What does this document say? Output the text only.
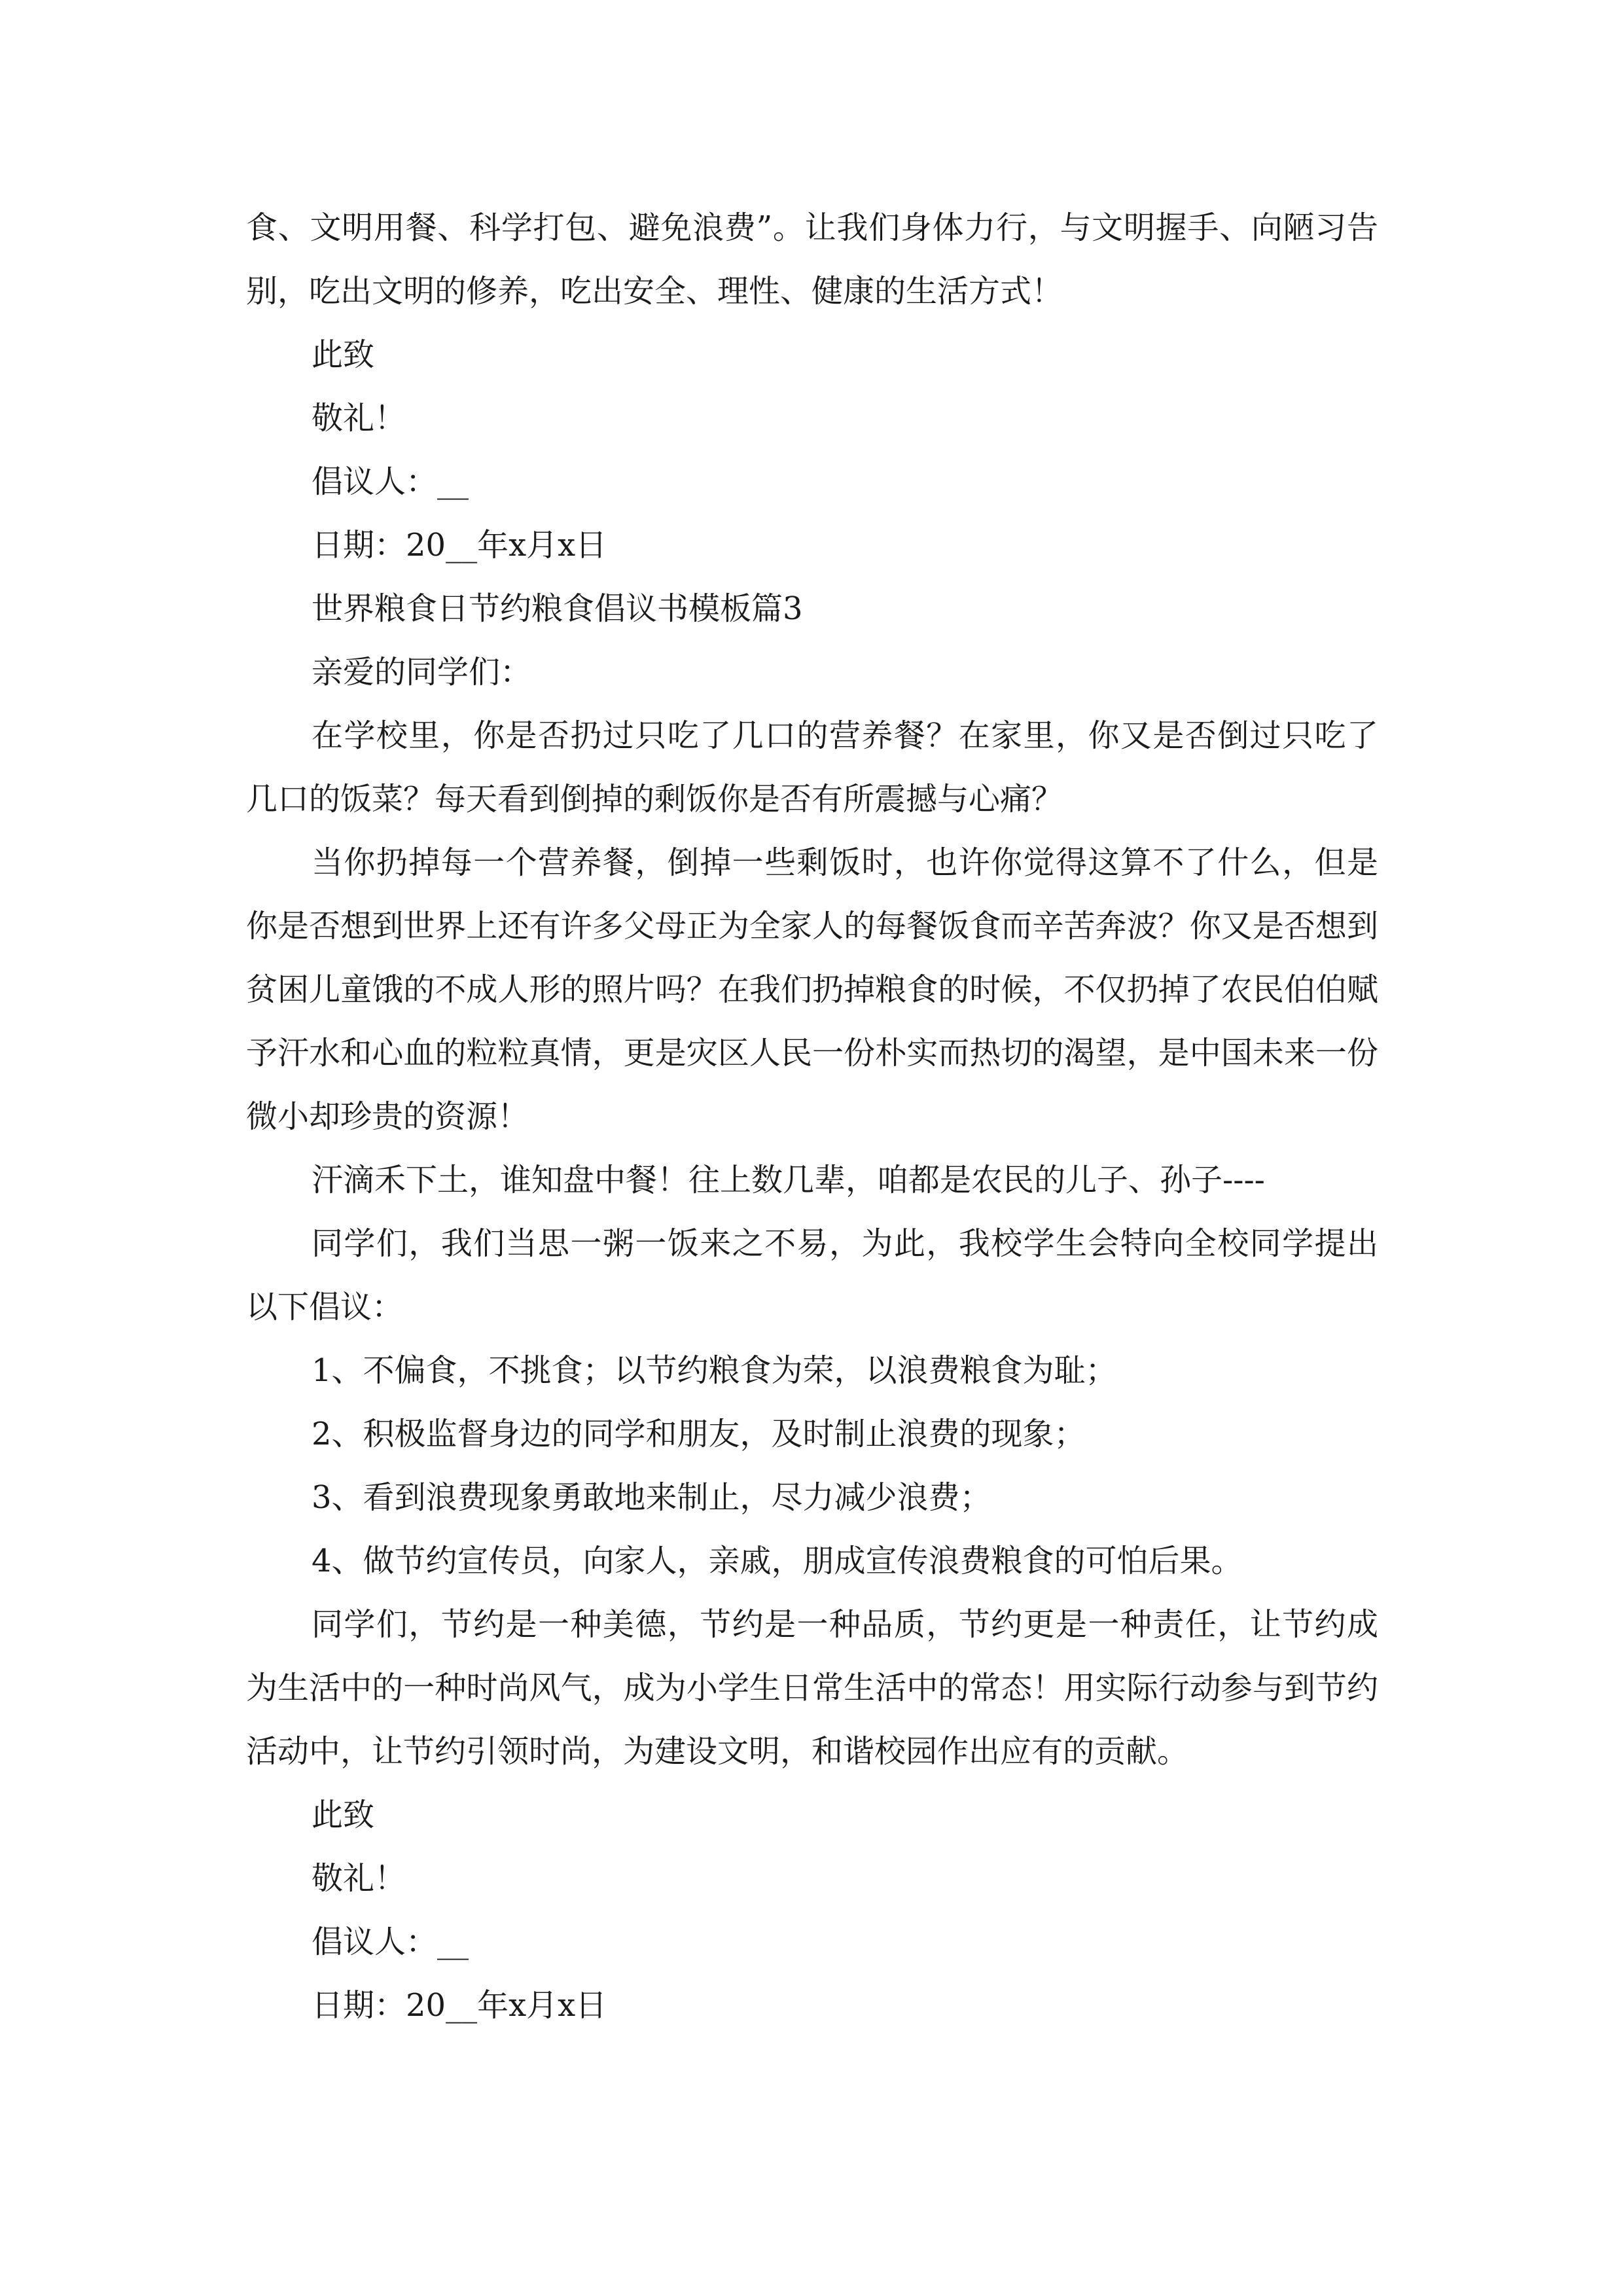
食、文明用餐、科学打包、避免浪费”。让我们身体力行，与文明握手、向陋习告别，吃出文明的修养，吃出安全、理性、健康的生活方式！

此致

敬礼！

倡议人：__

日期：20__年x月x日

世界粮食日节约粮食倡议书模板篇3

亲爱的同学们：

在学校里，你是否扔过只吃了几口的营养餐？在家里，你又是否倒过只吃了几口的饭菜？每天看到倒掉的剩饭你是否有所震撼与心痛？

当你扔掉每一个营养餐，倒掉一些剩饭时，也许你觉得这算不了什么，但是你是否想到世界上还有许多父母正为全家人的每餐饭食而辛苦奔波？你又是否想到贫困儿童饿的不成人形的照片吗？在我们扔掉粮食的时候，不仅扔掉了农民伯伯赋予汗水和心血的粒粒真情，更是灾区人民一份朴实而热切的渴望，是中国未来一份微小却珍贵的资源！

汗滴禾下土，谁知盘中餐！往上数几辈，咱都是农民的儿子、孙子----

同学们，我们当思一粥一饭来之不易，为此，我校学生会特向全校同学提出以下倡议：

1、不偏食，不挑食；以节约粮食为荣，以浪费粮食为耻；

2、积极监督身边的同学和朋友，及时制止浪费的现象；

3、看到浪费现象勇敢地来制止，尽力减少浪费；

4、做节约宣传员，向家人，亲戚，朋成宣传浪费粮食的可怕后果。

同学们，节约是一种美德，节约是一种品质，节约更是一种责任，让节约成为生活中的一种时尚风气，成为小学生日常生活中的常态！用实际行动参与到节约活动中，让节约引领时尚，为建设文明，和谐校园作出应有的贡献。

此致

敬礼！

倡议人：__

日期：20__年x月x日
